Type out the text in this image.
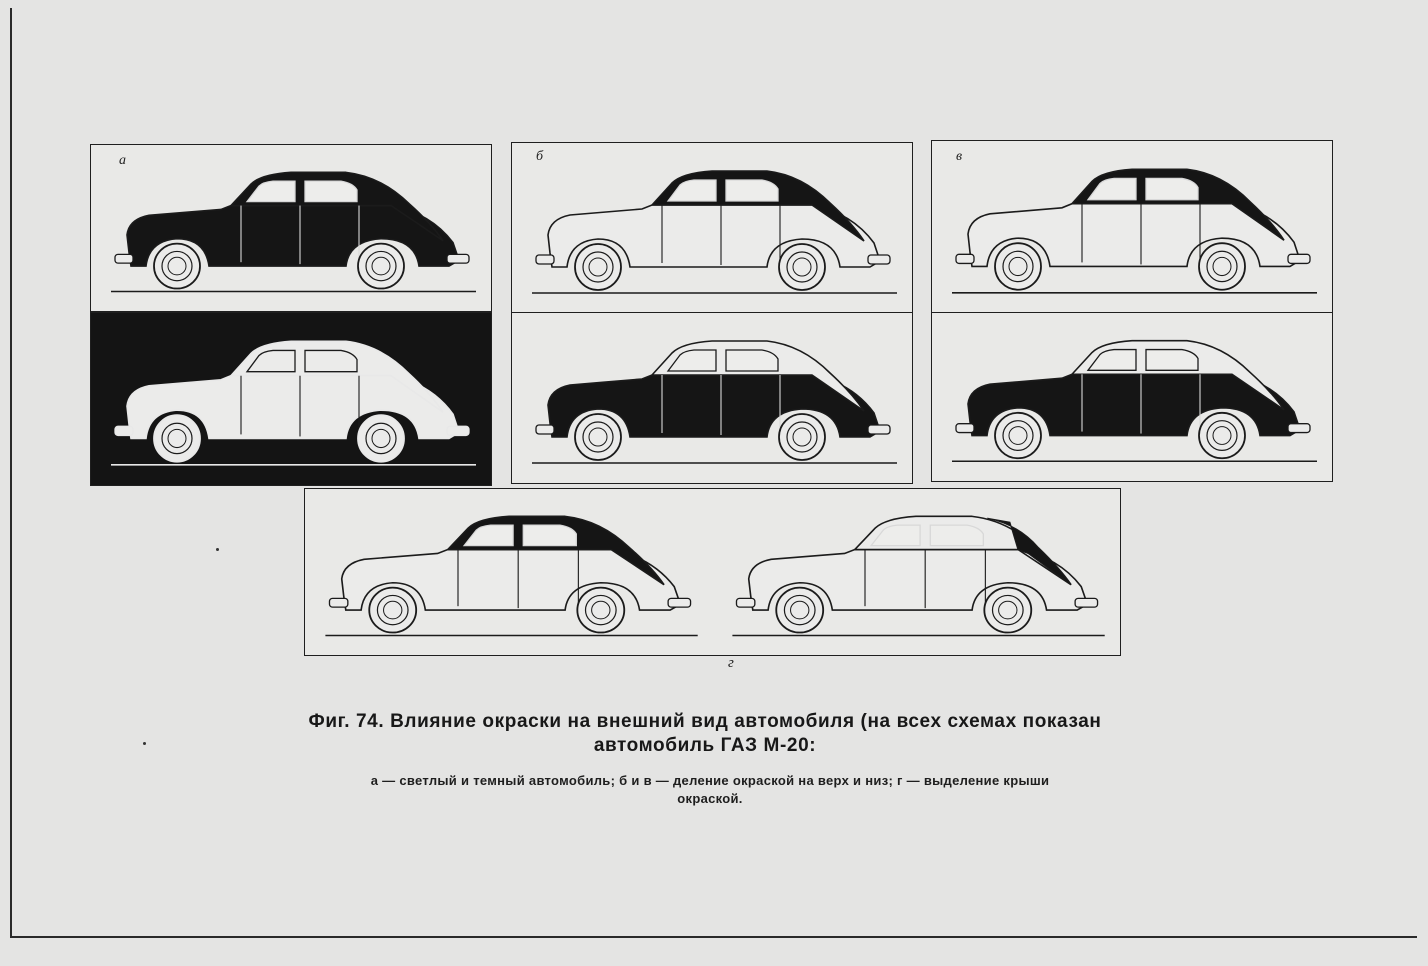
а	б	в
г
Фиг. 74. Влияние окраски на внешний вид автомобиля (на всех схемах показан
автомобиль ГАЗ М-20:
а — светлый и темный автомобиль; б и в — деление окраской на верх и низ; г — выделение крыши
окраской.
